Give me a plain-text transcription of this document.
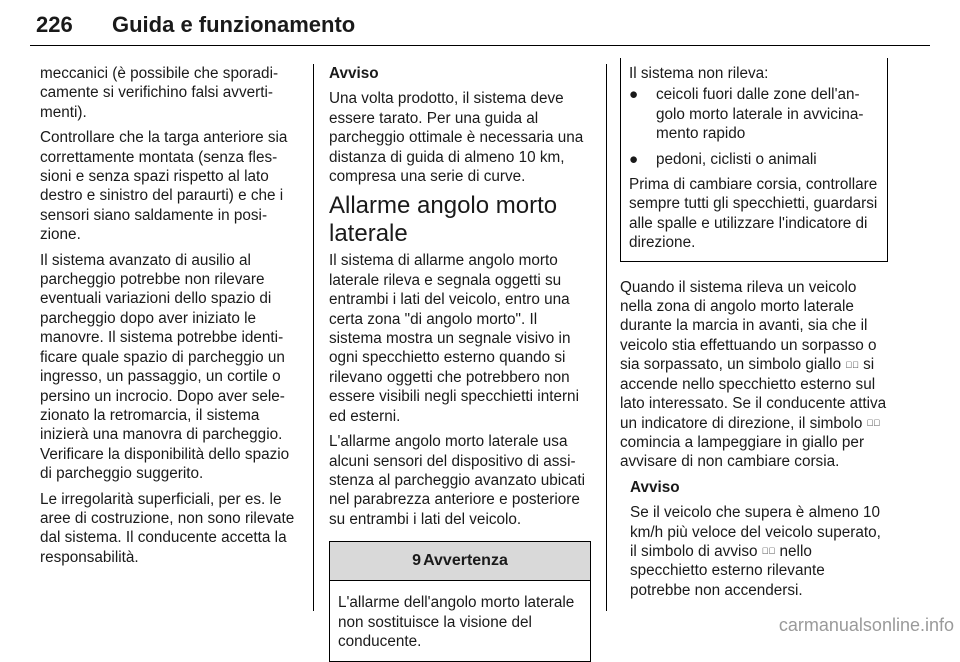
226 Guida e funzionamento

meccanici (è possibile che sporadicamente si verifichino falsi avvertimenti).

Controllare che la targa anteriore sia correttamente montata (senza flessioni e senza spazi rispetto al lato destro e sinistro del paraurti) e che i sensori siano saldamente in posizione.

Il sistema avanzato di ausilio al parcheggio potrebbe non rilevare eventuali variazioni dello spazio di parcheggio dopo aver iniziato le manovre. Il sistema potrebbe identificare quale spazio di parcheggio un ingresso, un passaggio, un cortile o persino un incrocio. Dopo aver selezionato la retromarcia, il sistema inizierà una manovra di parcheggio. Verificare la disponibilità dello spazio di parcheggio suggerito.

Le irregolarità superficiali, per es. le aree di costruzione, non sono rilevate dal sistema. Il conducente accetta la responsabilità.

Avviso

Una volta prodotto, il sistema deve essere tarato. Per una guida al parcheggio ottimale è necessaria una distanza di guida di almeno 10 km, compresa una serie di curve.

Allarme angolo morto laterale

Il sistema di allarme angolo morto laterale rileva e segnala oggetti su entrambi i lati del veicolo, entro una certa zona "di angolo morto". Il sistema mostra un segnale visivo in ogni specchietto esterno quando si rilevano oggetti che potrebbero non essere visibili negli specchietti interni ed esterni.

L'allarme angolo morto laterale usa alcuni sensori del dispositivo di assistenza al parcheggio avanzato ubicati nel parabrezza anteriore e posteriore su entrambi i lati del veicolo.

9 Avvertenza
L'allarme dell'angolo morto laterale non sostituisce la visione del conducente.

Il sistema non rileva:

● ceicoli fuori dalle zone dell'angolo morto laterale in avvicinamento rapido
● pedoni, ciclisti o animali

Prima di cambiare corsia, controllare sempre tutti gli specchietti, guardarsi alle spalle e utilizzare l'indicatore di direzione.

Quando il sistema rileva un veicolo nella zona di angolo morto laterale durante la marcia in avanti, sia che il veicolo stia effettuando un sorpasso o sia sorpassato, un simbolo giallo ⬀⃞ si accende nello specchietto esterno sul lato interessato. Se il conducente attiva un indicatore di direzione, il simbolo ⬀⃞ comincia a lampeggiare in giallo per avvisare di non cambiare corsia.

Avviso

Se il veicolo che supera è almeno 10 km/h più veloce del veicolo superato, il simbolo di avviso ⬀⃞ nello specchietto esterno rilevante potrebbe non accendersi.

carmanualsonline.info
